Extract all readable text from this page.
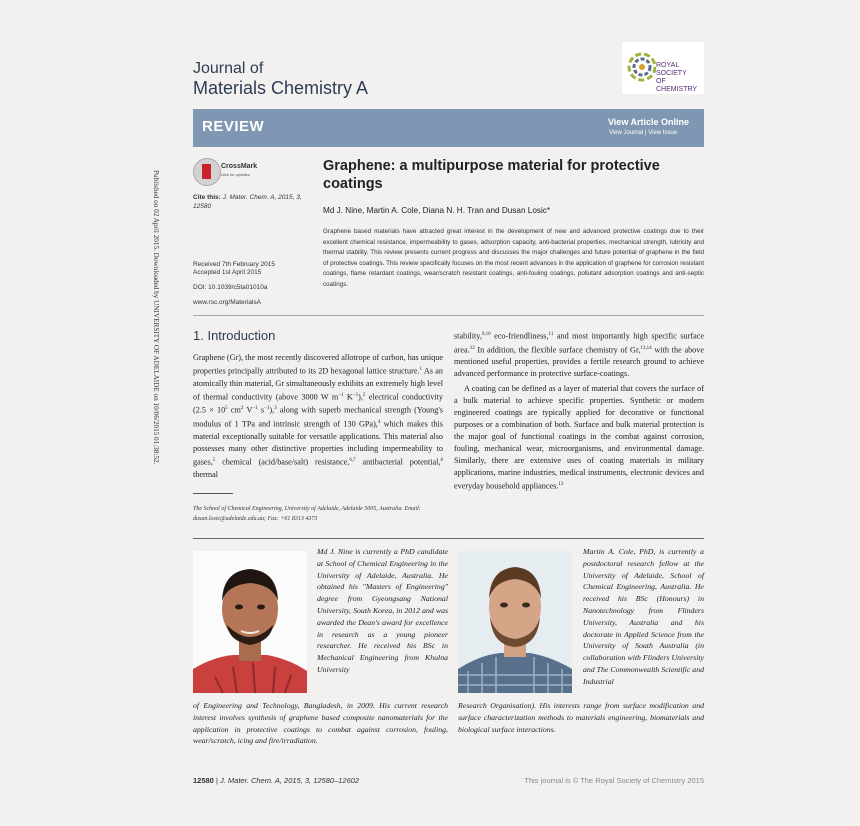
Published on 02 April 2015. Downloaded by UNIVERSITY OF ADELAIDE on 10/06/2015 01:38:52.
Journal of
Materials Chemistry A
ROYAL SOCIETY
OF CHEMISTRY
REVIEW	View Article Online
View Journal | View Issue
CrossMark
click for updates
Cite this: J. Mater. Chem. A, 2015, 3, 12580
Received 7th February 2015
Accepted 1st April 2015
DOI: 10.1039/c5ta01010a
www.rsc.org/MaterialsA
Graphene: a multipurpose material for protective coatings
Md J. Nine, Martin A. Cole, Diana N. H. Tran and Dusan Losic*
Graphene based materials have attracted great interest in the development of new and advanced protective coatings due to their excellent chemical resistance, impermeability to gases, adsorption capacity, anti-bacterial properties, mechanical strength, lubricity and thermal stability. This review presents current progress and discusses the major challenges and future potential of graphene in the field of protective coatings. This review specifically focuses on the most recent advances in the application of graphene for corrosion resistant coatings, flame retardant coatings, wear/scratch resistant coatings, anti-fouling coatings, pollutant adsorption coatings and anti-septic coatings.
1. Introduction

Graphene (Gr), the most recently discovered allotrope of carbon, has unique properties principally attributed to its 2D hexagonal lattice structure.$^1$ As an atomically thin material, Gr simultaneously exhibits an extremely high level of thermal conductivity (above 3000 W $m^{-1}$ $K^{-1}),^2$ electrical conductivity ($2.5 \times 10^5$ $cm^2$ $V^{-1}$ $s^{-1}),^3$ along with superb mechanical strength (Young's modulus of 1 TPa and intrinsic strength of 130 GPa),$^4$ which makes this material exceptionally suitable for versatile applications. This material also possesses many other distinctive properties including impermeability to gases,$^5$ chemical (acid/base/salt) resistance,$^{6,7}$ antibacterial potential,$^8$ thermal

stability,$^{9,10}$ eco-friendliness,$^{11}$ and most importantly high specific surface area.$^{12}$ In addition, the flexible surface chemistry of Gr,$^{13,14}$ with the above mentioned useful properties, provides a fertile research ground to achieve advanced performance in protective surface-coatings.

A coating can be defined as a layer of material that covers the surface of a bulk material to achieve specific properties. Synthetic or modern engineered coatings are typically applied for decorative or functional purposes or a combination of both. Surface and bulk material protection is the major goal of functional coatings in the combat against corrosion, fouling, mechanical wear, microorganisms, and environmental damage. Similarly, there are extensive uses of coating materials in military applications, marine industries, medical instruments, electronic devices and everyday household appliances.$^{13}$

The School of Chemical Engineering, University of Adelaide, Adelaide 5005, Australia. Email: dusan.losic@adelaide.edu.au; Fax: +61 8313 4373
Md J. Nine is currently a PhD candidate at School of Chemical Engineering in the University of Adelaide, Australia. He obtained his "Masters of Engineering" degree from Gyeongsang National University, South Korea, in 2012 and was awarded the Dean's award for excellence in research as a young pioneer researcher. He received his BSc in Mechanical Engineering from Khulna University
of Engineering and Technology, Bangladesh, in 2009. His current research interest involves synthesis of graphene based composite nanomaterials for the application in protective coatings to combat against corrosion, fouling, wear/scratch, icing and fire/irradiation.
Martin A. Cole, PhD, is currently a postdoctoral research fellow at the University of Adelaide, School of Chemical Engineering, Australia. He received his BSc (Honours) in Nanotechnology from Flinders University, Australia and his doctorate in Applied Science from the University of South Australia (in collaboration with Flinders University and The Commonwealth Scientific and Industrial
Research Organisation). His interests range from surface modification and surface characterization methods to materials engineering, biomaterials and biological surface interactions.
12580 | J. Mater. Chem. A, 2015, 3, 12580–12602	This journal is © The Royal Society of Chemistry 2015
